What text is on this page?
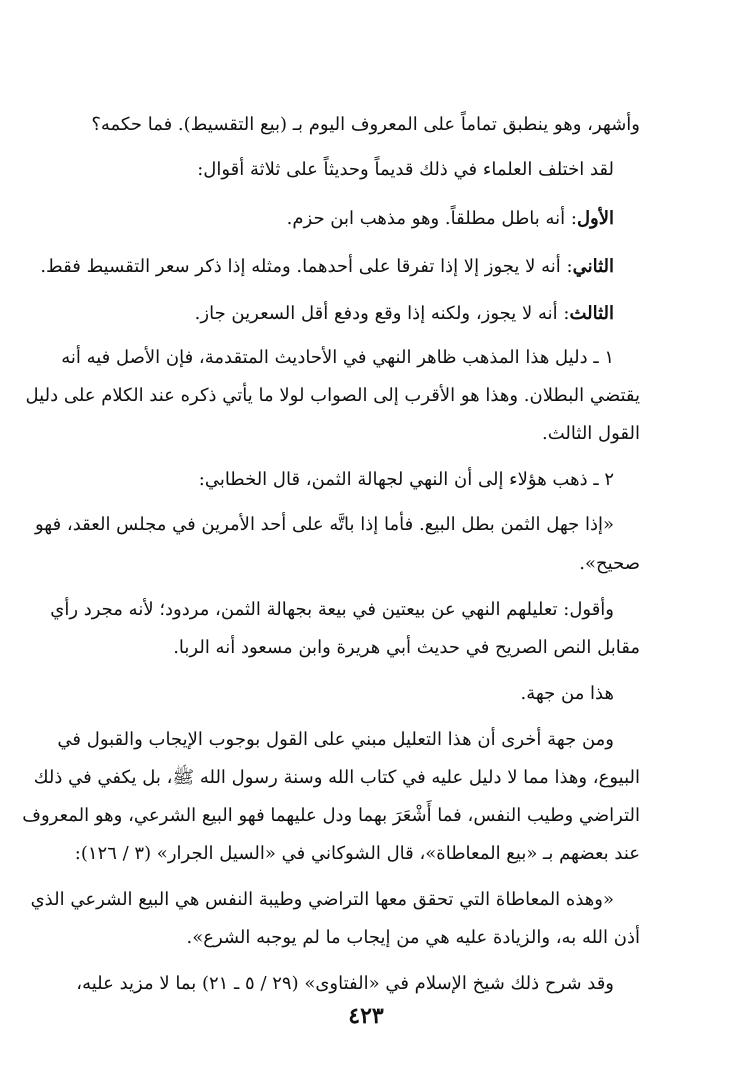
وأشهر، وهو ينطبق تماماً على المعروف اليوم بـ (بيع التقسيط). فما حكمه؟
لقد اختلف العلماء في ذلك قديماً وحديثاً على ثلاثة أقوال:
الأول: أنه باطل مطلقاً. وهو مذهب ابن حزم.
الثاني: أنه لا يجوز إلا إذا تفرقا على أحدهما. ومثله إذا ذكر سعر التقسيط فقط.
الثالث: أنه لا يجوز، ولكنه إذا وقع ودفع أقل السعرين جاز.
١ ـ دليل هذا المذهب ظاهر النهي في الأحاديث المتقدمة، فإن الأصل فيه أنه
يقتضي البطلان. وهذا هو الأقرب إلى الصواب لولا ما يأتي ذكره عند الكلام على دليل
القول الثالث.
٢ ـ ذهب هؤلاء إلى أن النهي لجهالة الثمن، قال الخطابي:
«إذا جهل الثمن بطل البيع. فأما إذا باتَّه على أحد الأمرين في مجلس العقد، فهو
صحيح».
وأقول: تعليلهم النهي عن بيعتين في بيعة بجهالة الثمن، مردود؛ لأنه مجرد رأي
مقابل النص الصريح في حديث أبي هريرة وابن مسعود أنه الربا.
هذا من جهة.
ومن جهة أخرى أن هذا التعليل مبني على القول بوجوب الإيجاب والقبول في
البيوع، وهذا مما لا دليل عليه في كتاب الله وسنة رسول الله ﷺ، بل يكفي في ذلك
التراضي وطيب النفس، فما أَشْعَرَ بهما ودل عليهما فهو البيع الشرعي، وهو المعروف
عند بعضهم بـ «بيع المعاطاة»، قال الشوكاني في «السيل الجرار» (٣ / ١٢٦):
«وهذه المعاطاة التي تحقق معها التراضي وطيبة النفس هي البيع الشرعي الذي
أذن الله به، والزيادة عليه هي من إيجاب ما لم يوجبه الشرع».
وقد شرح ذلك شيخ الإسلام في «الفتاوى» (٢٩ / ٥ ـ ٢١) بما لا مزيد عليه،
٤٢٣
